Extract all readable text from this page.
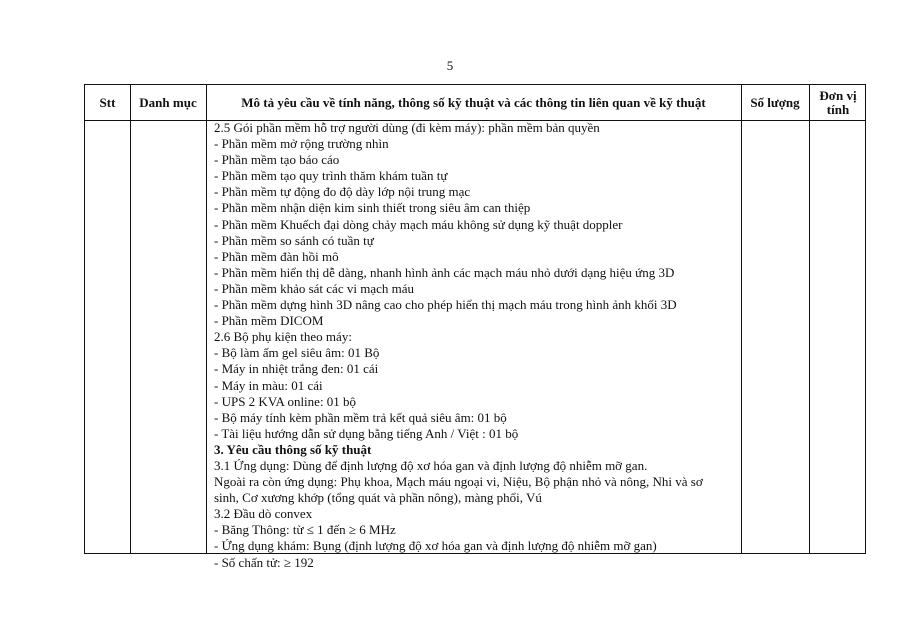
5
Stt	Danh mục	Mô tả yêu cầu về tính năng, thông số kỹ thuật và các thông tin liên quan về kỹ thuật	Số lượng	Đơn vị tính
2.5 Gói phần mềm hỗ trợ người dùng (đi kèm máy): phần mềm bản quyền
- Phần mềm mở rộng trường nhìn
- Phần mềm tạo báo cáo
- Phần mềm tạo quy trình thăm khám tuần tự
- Phần mềm tự động đo độ dày lớp nội trung mạc
- Phần mềm nhận diện kim sinh thiết trong siêu âm can thiệp
- Phần mềm Khuếch đại dòng chảy mạch máu không sử dụng kỹ thuật doppler
- Phần mềm so sánh có tuần tự
- Phần mềm đàn hồi mô
- Phần mềm hiển thị dễ dàng, nhanh hình ảnh các mạch máu nhỏ dưới dạng hiệu ứng 3D
- Phần mềm khảo sát các vi mạch máu
- Phần mềm dựng hình 3D nâng cao cho phép hiển thị mạch máu trong hình ảnh khối 3D
- Phần mềm DICOM
2.6 Bộ phụ kiện theo máy:
- Bộ làm ấm gel siêu âm: 01 Bộ
- Máy in nhiệt trắng đen: 01 cái
- Máy in màu: 01 cái
- UPS 2 KVA online: 01 bộ
- Bộ máy tính kèm phần mềm trả kết quả siêu âm: 01 bộ
- Tài liệu hướng dẫn sử dụng bằng tiếng Anh / Việt : 01 bộ
3. Yêu cầu thông số kỹ thuật
3.1 Ứng dụng: Dùng để định lượng độ xơ hóa gan và định lượng độ nhiễm mỡ gan.
Ngoài ra còn ứng dụng: Phụ khoa, Mạch máu ngoại vi, Niệu, Bộ phận nhỏ và nông, Nhi và sơ
sinh, Cơ xương khớp (tổng quát và phần nông), màng phổi, Vú
3.2 Đầu dò convex
- Băng Thông: từ ≤ 1 đến ≥ 6 MHz
- Ứng dụng khám: Bụng (định lượng độ xơ hóa gan và định lượng độ nhiễm mỡ gan)
- Số chấn tử: ≥ 192
